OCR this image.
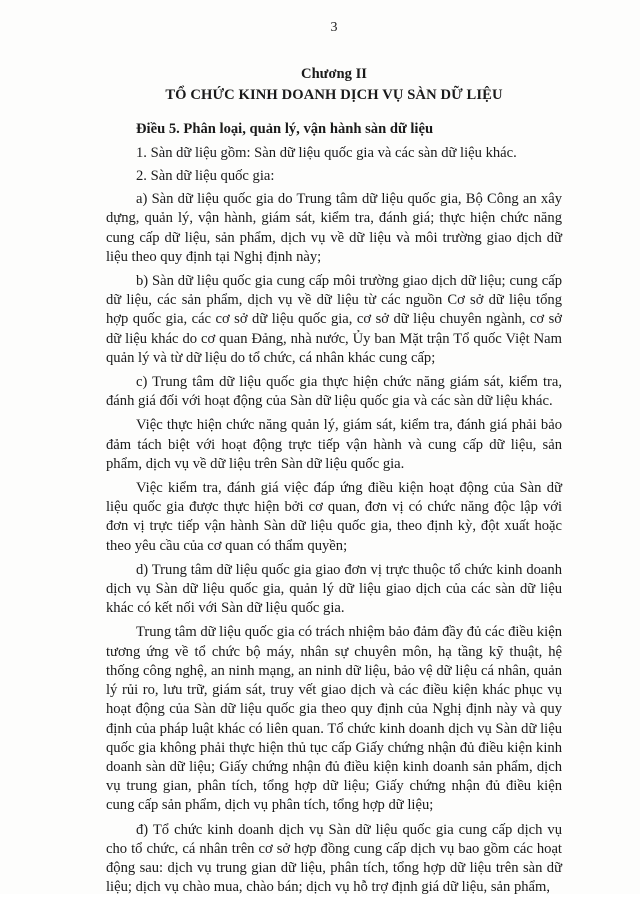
3
Chương II
TỔ CHỨC KINH DOANH DỊCH VỤ SÀN DỮ LIỆU
Điều 5. Phân loại, quản lý, vận hành sàn dữ liệu

1. Sàn dữ liệu gồm: Sàn dữ liệu quốc gia và các sàn dữ liệu khác.

2. Sàn dữ liệu quốc gia:

a) Sàn dữ liệu quốc gia do Trung tâm dữ liệu quốc gia, Bộ Công an xây dựng, quản lý, vận hành, giám sát, kiểm tra, đánh giá; thực hiện chức năng cung cấp dữ liệu, sản phẩm, dịch vụ về dữ liệu và môi trường giao dịch dữ liệu theo quy định tại Nghị định này;

b) Sàn dữ liệu quốc gia cung cấp môi trường giao dịch dữ liệu; cung cấp dữ liệu, các sản phẩm, dịch vụ về dữ liệu từ các nguồn Cơ sở dữ liệu tổng hợp quốc gia, các cơ sở dữ liệu quốc gia, cơ sở dữ liệu chuyên ngành, cơ sở dữ liệu khác do cơ quan Đảng, nhà nước, Ủy ban Mặt trận Tổ quốc Việt Nam quản lý và từ dữ liệu do tổ chức, cá nhân khác cung cấp;

c) Trung tâm dữ liệu quốc gia thực hiện chức năng giám sát, kiểm tra, đánh giá đối với hoạt động của Sàn dữ liệu quốc gia và các sàn dữ liệu khác.

Việc thực hiện chức năng quản lý, giám sát, kiểm tra, đánh giá phải bảo đảm tách biệt với hoạt động trực tiếp vận hành và cung cấp dữ liệu, sản phẩm, dịch vụ về dữ liệu trên Sàn dữ liệu quốc gia.

Việc kiểm tra, đánh giá việc đáp ứng điều kiện hoạt động của Sàn dữ liệu quốc gia được thực hiện bởi cơ quan, đơn vị có chức năng độc lập với đơn vị trực tiếp vận hành Sàn dữ liệu quốc gia, theo định kỳ, đột xuất hoặc theo yêu cầu của cơ quan có thẩm quyền;

d) Trung tâm dữ liệu quốc gia giao đơn vị trực thuộc tổ chức kinh doanh dịch vụ Sàn dữ liệu quốc gia, quản lý dữ liệu giao dịch của các sàn dữ liệu khác có kết nối với Sàn dữ liệu quốc gia.

Trung tâm dữ liệu quốc gia có trách nhiệm bảo đảm đầy đủ các điều kiện tương ứng về tổ chức bộ máy, nhân sự chuyên môn, hạ tầng kỹ thuật, hệ thống công nghệ, an ninh mạng, an ninh dữ liệu, bảo vệ dữ liệu cá nhân, quản lý rủi ro, lưu trữ, giám sát, truy vết giao dịch và các điều kiện khác phục vụ hoạt động của Sàn dữ liệu quốc gia theo quy định của Nghị định này và quy định của pháp luật khác có liên quan. Tổ chức kinh doanh dịch vụ Sàn dữ liệu quốc gia không phải thực hiện thủ tục cấp Giấy chứng nhận đủ điều kiện kinh doanh sàn dữ liệu; Giấy chứng nhận đủ điều kiện kinh doanh sản phẩm, dịch vụ trung gian, phân tích, tổng hợp dữ liệu; Giấy chứng nhận đủ điều kiện cung cấp sản phẩm, dịch vụ phân tích, tổng hợp dữ liệu;

đ) Tổ chức kinh doanh dịch vụ Sàn dữ liệu quốc gia cung cấp dịch vụ cho tổ chức, cá nhân trên cơ sở hợp đồng cung cấp dịch vụ bao gồm các hoạt động sau: dịch vụ trung gian dữ liệu, phân tích, tổng hợp dữ liệu trên sàn dữ liệu; dịch vụ chào mua, chào bán; dịch vụ hỗ trợ định giá dữ liệu, sản phẩm,
